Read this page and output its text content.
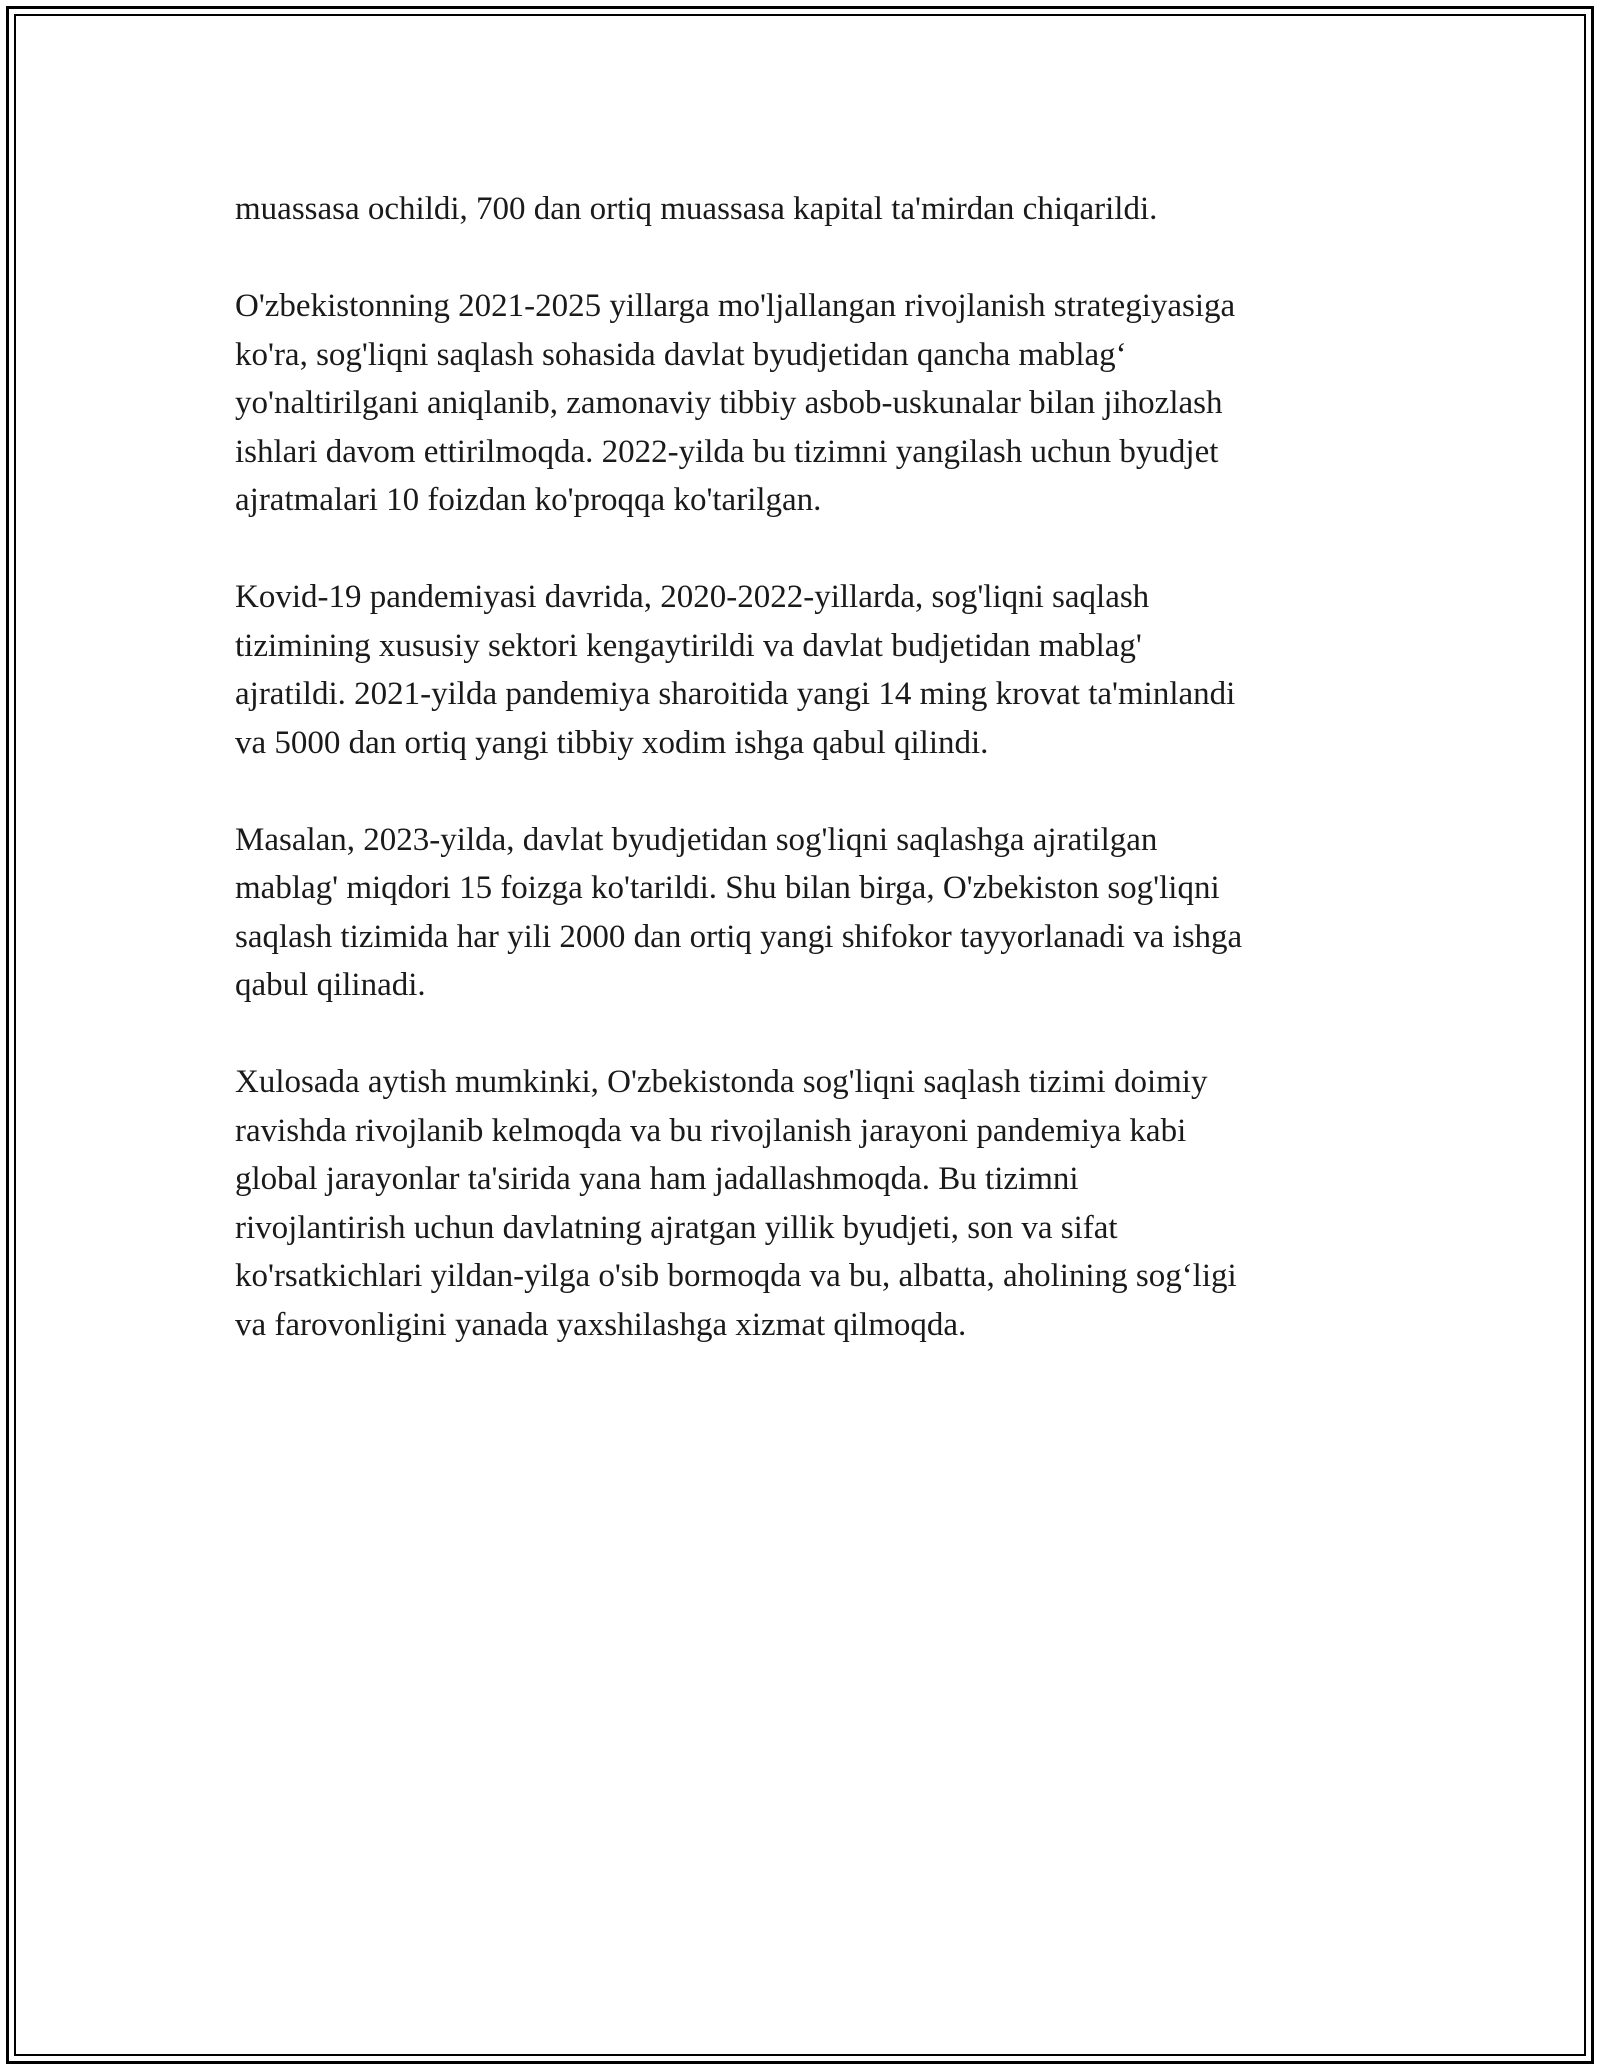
muassasa ochildi, 700 dan ortiq muassasa kapital ta'mirdan chiqarildi.

O'zbekistonning 2021-2025 yillarga mo'ljallangan rivojlanish strategiyasiga
ko'ra, sog'liqni saqlash sohasida davlat byudjetidan qancha mablag‘
yo'naltirilgani aniqlanib, zamonaviy tibbiy asbob-uskunalar bilan jihozlash
ishlari davom ettirilmoqda. 2022-yilda bu tizimni yangilash uchun byudjet
ajratmalari 10 foizdan ko'proqqa ko'tarilgan.

Kovid-19 pandemiyasi davrida, 2020-2022-yillarda, sog'liqni saqlash
tizimining xususiy sektori kengaytirildi va davlat budjetidan mablag'
ajratildi. 2021-yilda pandemiya sharoitida yangi 14 ming krovat ta'minlandi
va 5000 dan ortiq yangi tibbiy xodim ishga qabul qilindi.

Masalan, 2023-yilda, davlat byudjetidan sog'liqni saqlashga ajratilgan
mablag' miqdori 15 foizga ko'tarildi. Shu bilan birga, O'zbekiston sog'liqni
saqlash tizimida har yili 2000 dan ortiq yangi shifokor tayyorlanadi va ishga
qabul qilinadi.

Xulosada aytish mumkinki, O'zbekistonda sog'liqni saqlash tizimi doimiy
ravishda rivojlanib kelmoqda va bu rivojlanish jarayoni pandemiya kabi
global jarayonlar ta'sirida yana ham jadallashmoqda. Bu tizimni
rivojlantirish uchun davlatning ajratgan yillik byudjeti, son va sifat
ko'rsatkichlari yildan-yilga o'sib bormoqda va bu, albatta, aholining sog‘ligi
va farovonligini yanada yaxshilashga xizmat qilmoqda.
